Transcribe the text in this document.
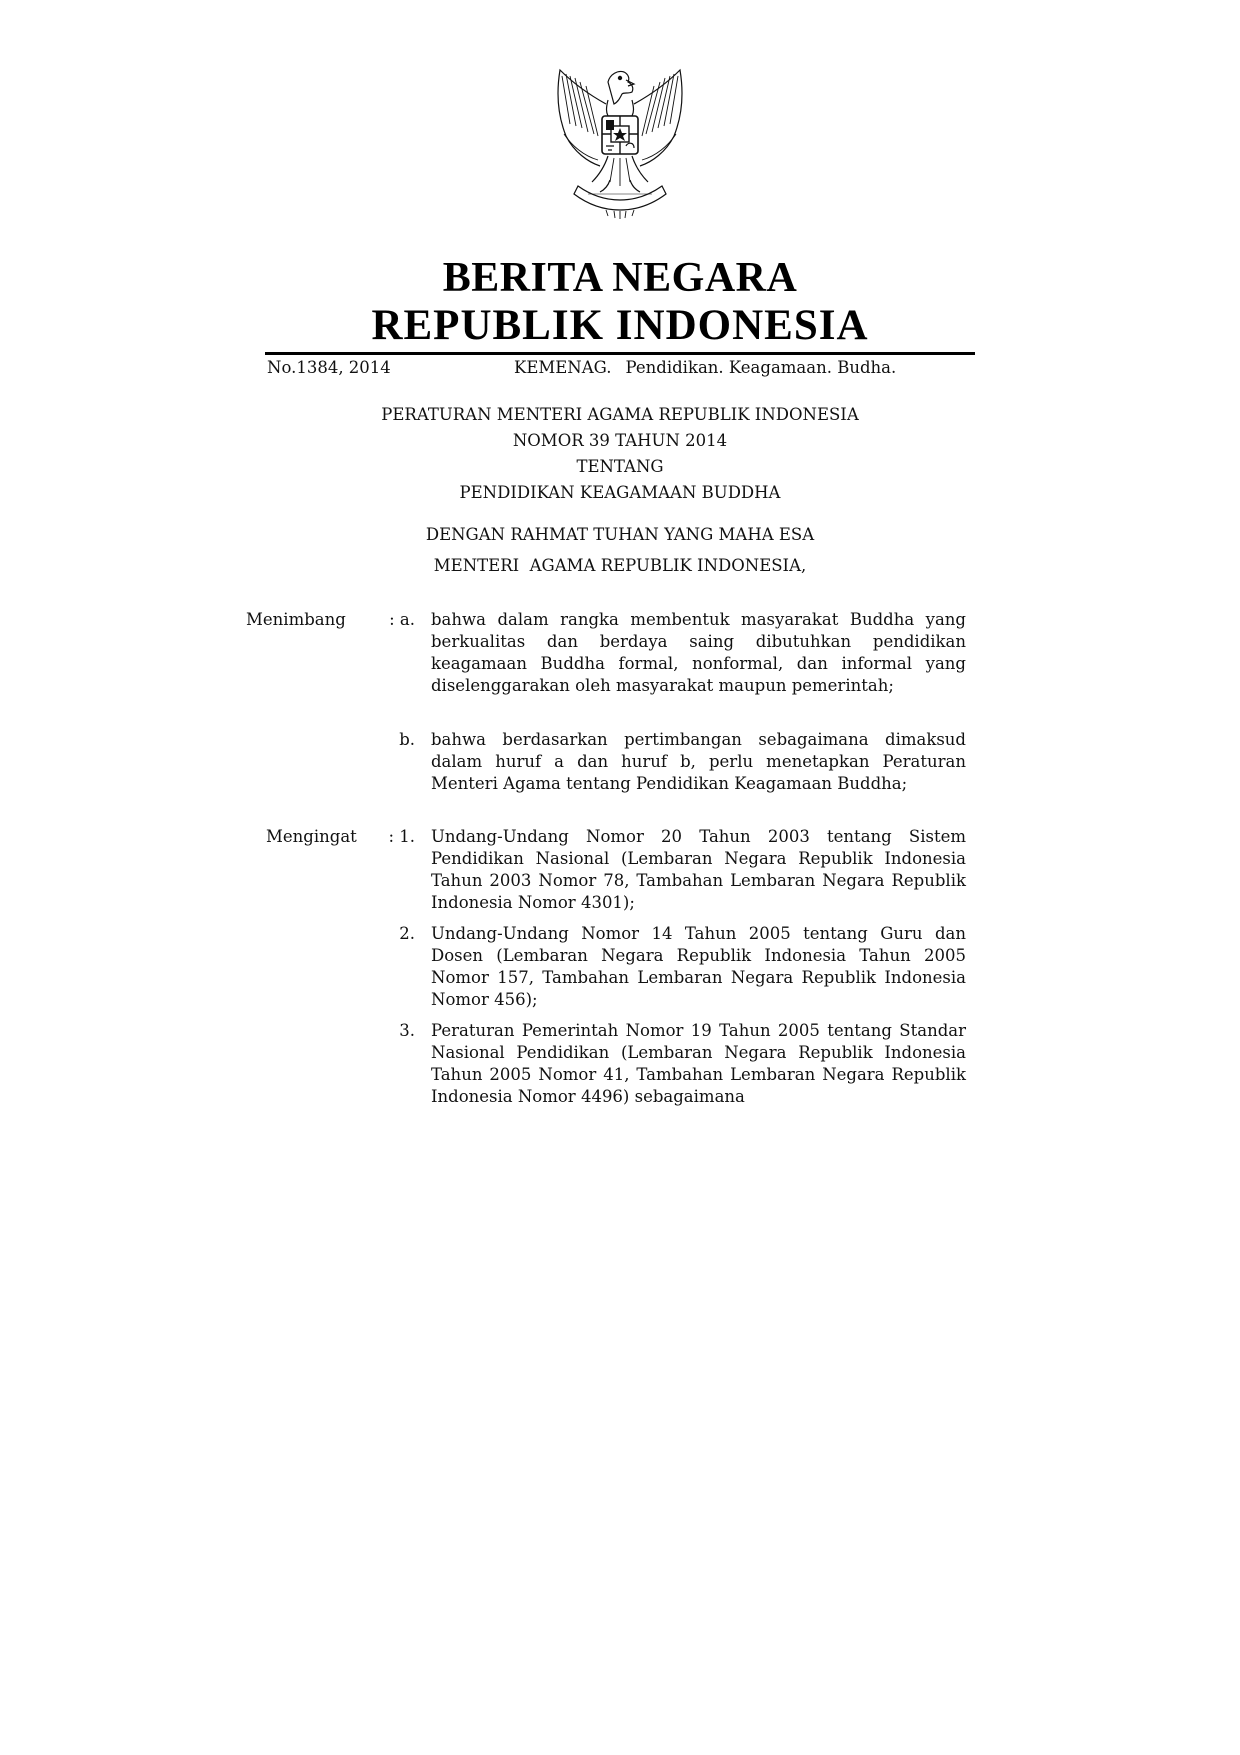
BERITA NEGARA
REPUBLIK INDONESIA
No.1384, 2014	KEMENAG. Pendidikan. Keagamaan. Budha.
PERATURAN MENTERI AGAMA REPUBLIK INDONESIA
NOMOR 39 TAHUN 2014
TENTANG
PENDIDIKAN KEAGAMAAN BUDDHA
DENGAN RAHMAT TUHAN YANG MAHA ESA
MENTERI  AGAMA REPUBLIK INDONESIA,
Menimbang	: a. bahwa dalam rangka membentuk masyarakat Buddha yang berkualitas dan berdaya saing dibutuhkan pendidikan keagamaan Buddha formal, nonformal, dan informal yang diselenggarakan oleh masyarakat maupun pemerintah;

b. bahwa berdasarkan pertimbangan sebagaimana dimaksud dalam huruf a dan huruf b, perlu menetapkan Peraturan Menteri Agama tentang Pendidikan Keagamaan Buddha;

Mengingat	: 1. Undang-Undang Nomor 20 Tahun 2003 tentang Sistem Pendidikan Nasional (Lembaran Negara Republik Indonesia Tahun 2003 Nomor 78, Tambahan Lembaran Negara Republik Indonesia Nomor 4301);

2. Undang-Undang Nomor 14 Tahun 2005 tentang Guru dan Dosen (Lembaran Negara Republik Indonesia Tahun 2005 Nomor 157, Tambahan Lembaran Negara Republik Indonesia Nomor 456);

3. Peraturan Pemerintah Nomor 19 Tahun 2005 tentang Standar Nasional Pendidikan (Lembaran Negara Republik Indonesia Tahun 2005 Nomor 41, Tambahan Lembaran Negara Republik Indonesia Nomor 4496) sebagaimana
